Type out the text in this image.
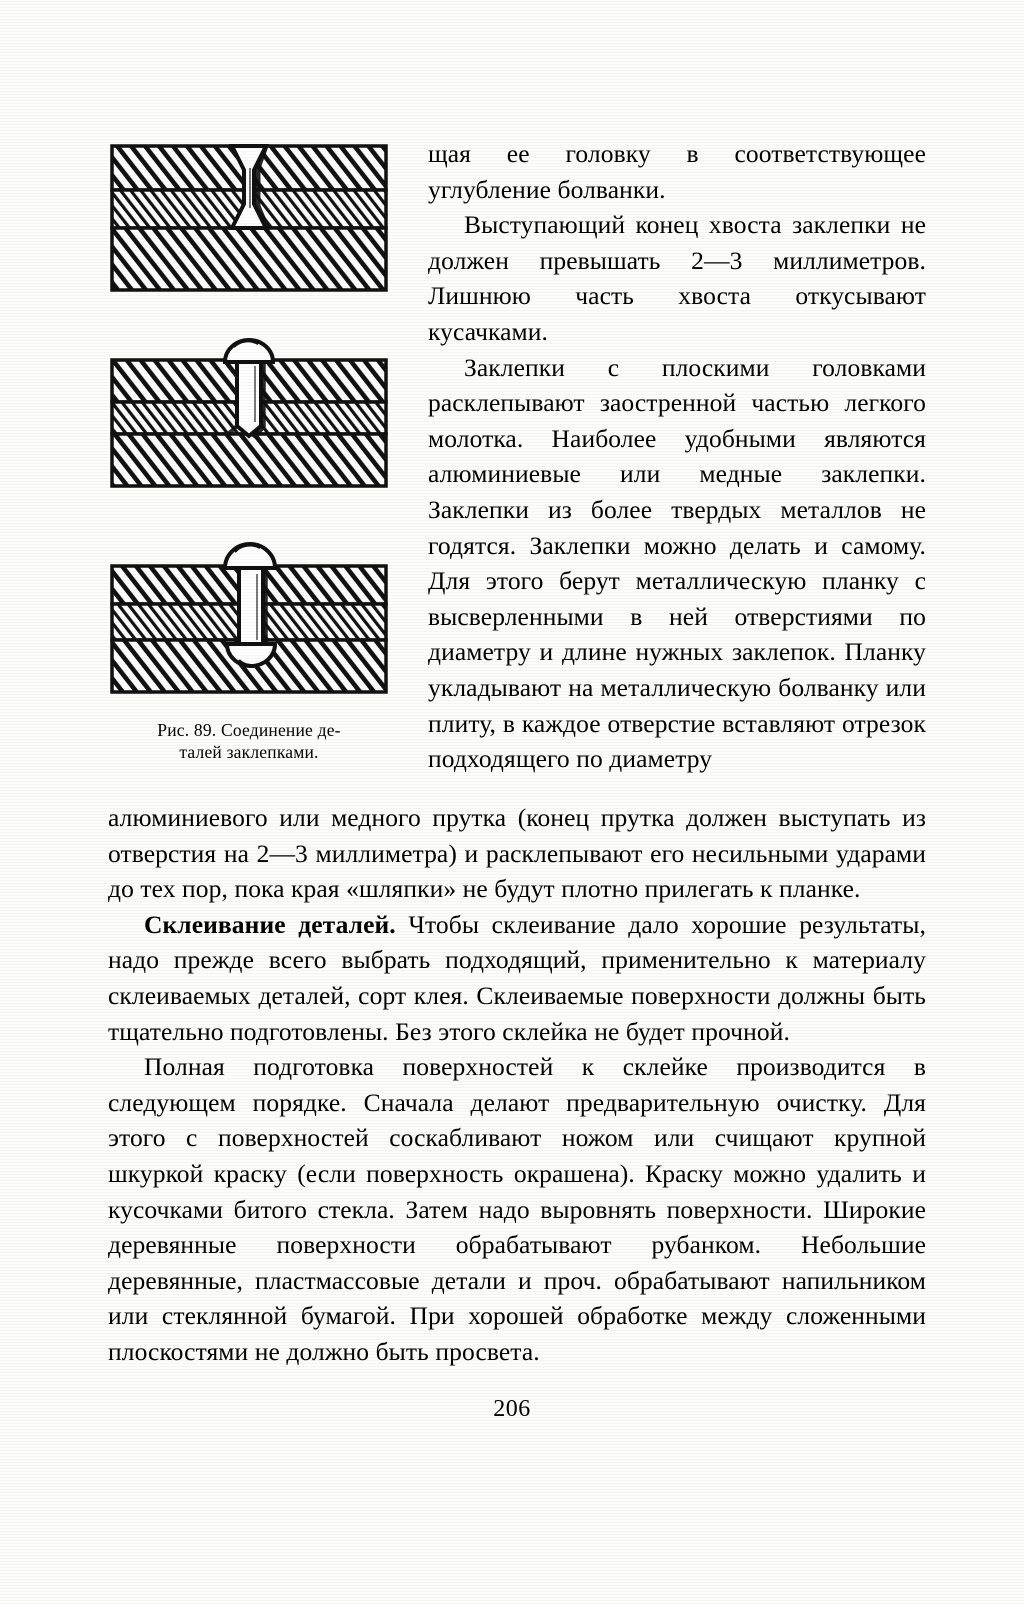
Рис. 89. Соединение де-
талей заклепками.

щая ее головку в соответствующее углубление болванки.

Выступающий конец хвоста заклепки не должен превышать 2—3 миллиметров. Лишнюю часть хвоста откусывают кусачками.

Заклепки с плоскими головками расклепывают заостренной частью легкого молотка. Наиболее удобными являются алюминиевые или медные заклепки. Заклепки из более твердых металлов не годятся. Заклепки можно делать и самому. Для этого берут металлическую планку с высверленными в ней отверстиями по диаметру и длине нужных заклепок. Планку укладывают на металлическую болванку или плиту, в каждое отверстие вставляют отрезок подходящего по диаметру

алюминиевого или медного прутка (конец прутка должен выступать из отверстия на 2—3 миллиметра) и расклепывают его несильными ударами до тех пор, пока края «шляпки» не будут плотно прилегать к планке.

Склеивание деталей. Чтобы склеивание дало хорошие результаты, надо прежде всего выбрать подходящий, применительно к материалу склеиваемых деталей, сорт клея. Склеиваемые поверхности должны быть тщательно подготовлены. Без этого склейка не будет прочной.

Полная подготовка поверхностей к склейке производится в следующем порядке. Сначала делают предварительную очистку. Для этого с поверхностей соскабливают ножом или счищают крупной шкуркой краску (если поверхность окрашена). Краску можно удалить и кусочками битого стекла. Затем надо выровнять поверхности. Широкие деревянные поверхности обрабатывают рубанком. Небольшие деревянные, пластмассовые детали и проч. обрабатывают напильником или стеклянной бумагой. При хорошей обработке между сложенными плоскостями не должно быть просвета.

206
